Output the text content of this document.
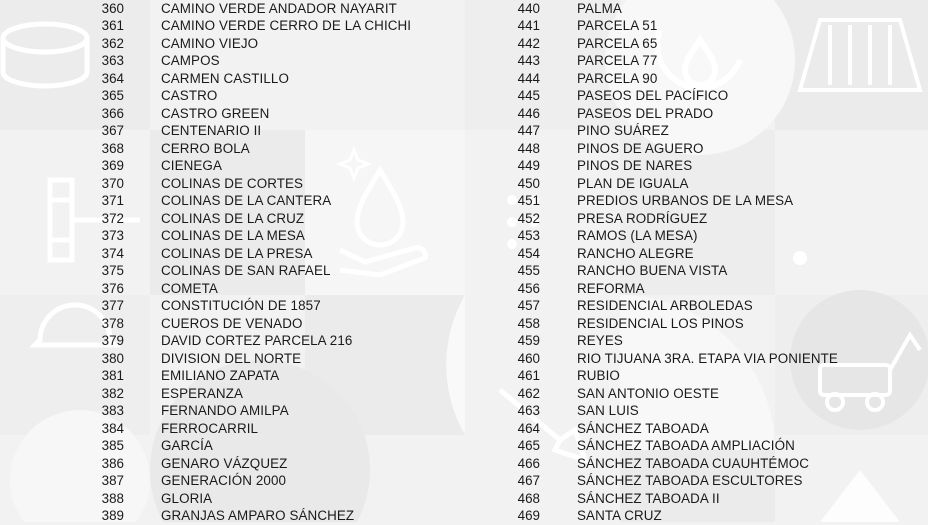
360	CAMINO VERDE ANDADOR NAYARIT
361	CAMINO VERDE CERRO DE LA CHICHI
362	CAMINO VIEJO
363	CAMPOS
364	CARMEN CASTILLO
365	CASTRO
366	CASTRO GREEN
367	CENTENARIO II
368	CERRO BOLA
369	CIENEGA
370	COLINAS DE CORTES
371	COLINAS DE LA CANTERA
372	COLINAS DE LA CRUZ
373	COLINAS DE LA MESA
374	COLINAS DE LA PRESA
375	COLINAS DE SAN RAFAEL
376	COMETA
377	CONSTITUCIÓN DE 1857
378	CUEROS DE VENADO
379	DAVID CORTEZ PARCELA 216
380	DIVISION DEL NORTE
381	EMILIANO ZAPATA
382	ESPERANZA
383	FERNANDO AMILPA
384	FERROCARRIL
385	GARCÍA
386	GENARO VÁZQUEZ
387	GENERACIÓN 2000
388	GLORIA
389	GRANJAS AMPARO SÁNCHEZ
440	PALMA
441	PARCELA 51
442	PARCELA 65
443	PARCELA 77
444	PARCELA 90
445	PASEOS DEL PACÍFICO
446	PASEOS DEL PRADO
447	PINO SUÁREZ
448	PINOS DE AGUERO
449	PINOS DE NARES
450	PLAN DE IGUALA
451	PREDIOS URBANOS DE LA MESA
452	PRESA RODRÍGUEZ
453	RAMOS (LA MESA)
454	RANCHO ALEGRE
455	RANCHO BUENA VISTA
456	REFORMA
457	RESIDENCIAL ARBOLEDAS
458	RESIDENCIAL LOS PINOS
459	REYES
460	RIO TIJUANA 3RA. ETAPA VIA PONIENTE
461	RUBIO
462	SAN ANTONIO OESTE
463	SAN LUIS
464	SÁNCHEZ TABOADA
465	SÁNCHEZ TABOADA AMPLIACIÓN
466	SÁNCHEZ TABOADA CUAUHTÉMOC
467	SÁNCHEZ TABOADA ESCULTORES
468	SÁNCHEZ TABOADA II
469	SANTA CRUZ
